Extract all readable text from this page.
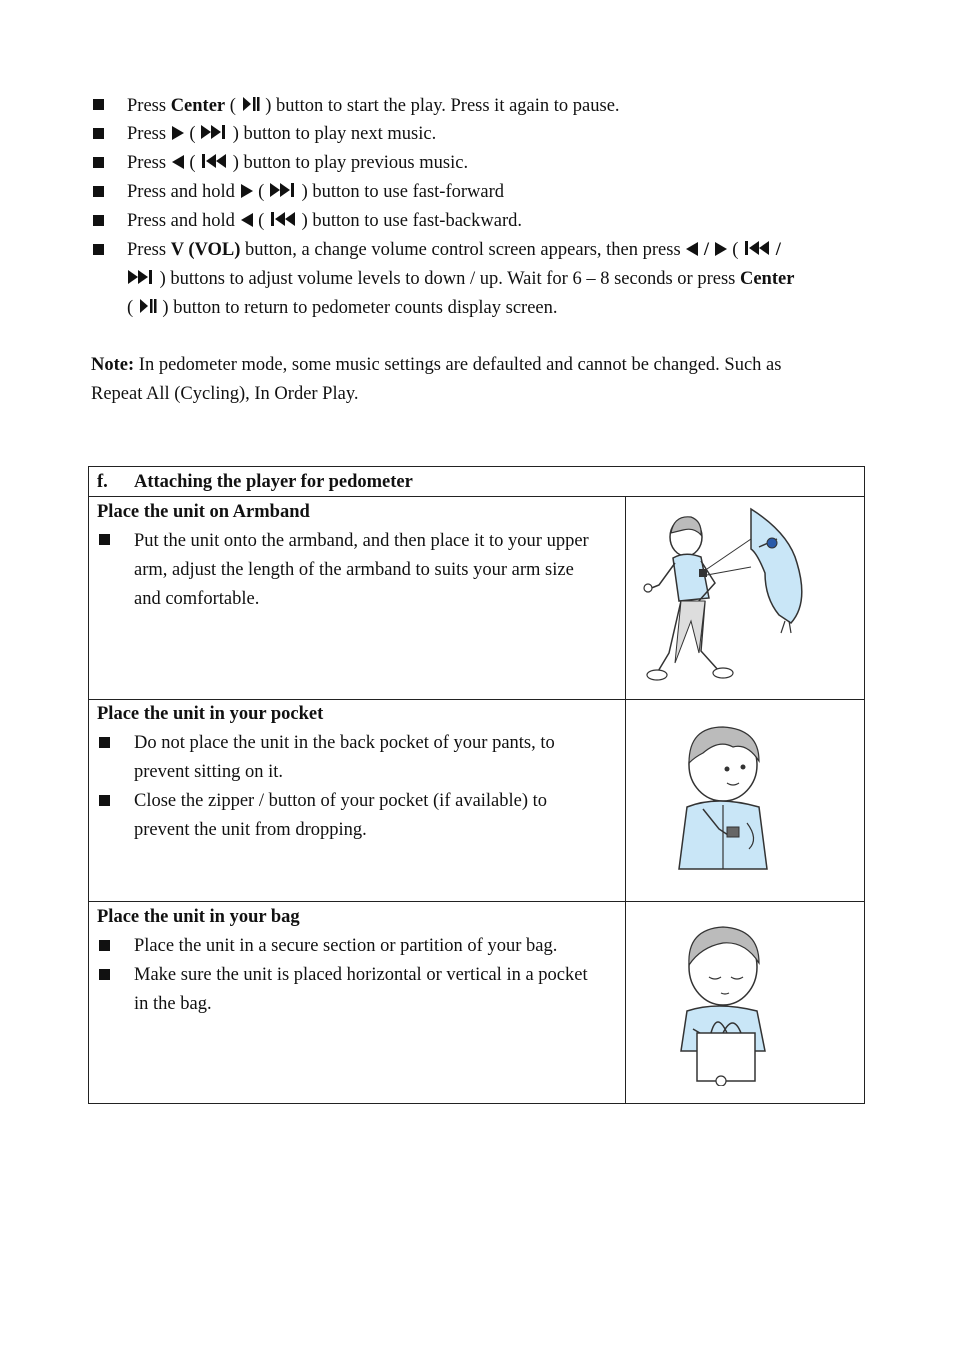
Press Center (  ) button to start the play. Press it again to pause.
Press  (  ) button to play next music.
Press  (  ) button to play previous music.
Press and hold  (  ) button to use fast-forward
Press and hold  (  ) button to use fast-backward.
Press V (VOL) button, a change volume control screen appears, then press  /  (  /
) buttons to adjust volume levels to down / up. Wait for 6 – 8 seconds or press Center
(  ) button to return to pedometer counts display screen.
Note: In pedometer mode, some music settings are defaulted and cannot be changed. Such as
Repeat All (Cycling), In Order Play.
f. Attaching the player for pedometer
Place the unit on Armband
Put the unit onto the armband, and then place it to your upper
arm, adjust the length of the armband to suits your arm size
and comfortable.
Place the unit in your pocket
Do not place the unit in the back pocket of your pants, to
prevent sitting on it.
Close the zipper / button of your pocket (if available) to
prevent the unit from dropping.
Place the unit in your bag
Place the unit in a secure section or partition of your bag.
Make sure the unit is placed horizontal or vertical in a pocket
in the bag.
